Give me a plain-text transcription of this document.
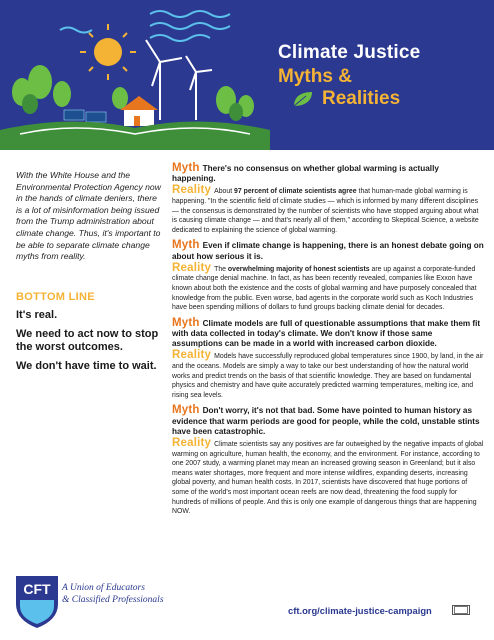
Climate Justice
Myths &
Realities
With the White House and the Environmental Protection Agency now in the hands of climate deniers, there is a lot of misinformation being issued from the Trump administration about climate change. Thus, it's important to be able to separate climate change myths from reality.
BOTTOM LINE
It's real.
We need to act now to stop the worst outcomes.
We don't have time to wait.
Myth There's no consensus on whether global warming is actually happening.
Reality About 97 percent of climate scientists agree that human-made global warming is happening. "In the scientific field of climate studies — which is informed by many different disciplines — the consensus is demonstrated by the number of scientists who have stopped arguing about what is causing climate change — and that's nearly all of them," according to Skeptical Science, a website dedicated to explaining the science of global warming.
Myth Even if climate change is happening, there is an honest debate going on about how serious it is.
Reality The overwhelming majority of honest scientists are up against a corporate-funded climate change denial machine. In fact, as has been recently revealed, companies like Exxon have known about both the existence and the costs of global warming and have purposely concealed that knowledge from the public. Even worse, bad agents in the corporate world such as Koch Industries have been spending millions of dollars to fund groups backing climate denial for decades.
Myth Climate models are full of questionable assumptions that make them fit with data collected in today's climate. We don't know if those same assumptions can be made in a world with increased carbon dioxide.
Reality Models have successfully reproduced global temperatures since 1900, by land, in the air and the oceans. Models are simply a way to take our best understanding of how the natural world works and predict trends on the basis of that scientific knowledge. They are based on fundamental physics and chemistry and have quite accurately predicted warming temperatures, melting ice, and rising sea levels.
Myth Don't worry, it's not that bad. Some have pointed to human history as evidence that warm periods are good for people, while the cold, unstable stints have been catastrophic.
Reality Climate scientists say any positives are far outweighed by the negative impacts of global warming on agriculture, human health, the economy, and the environment. For instance, according to one 2007 study, a warming planet may mean an increased growing season in Greenland; but it also means water shortages, more frequent and more intense wildfires, expanding deserts, increasing global poverty, and human health costs. In 2017, scientists have discovered that huge portions of some of the world's most important ocean reefs are now dead, threatening the food supply for hundreds of millions of people. And this is only one example of dangerous things that are happening NOW.
CFT A Union of Educators
& Classified Professionals
cft.org/climate-justice-campaign
